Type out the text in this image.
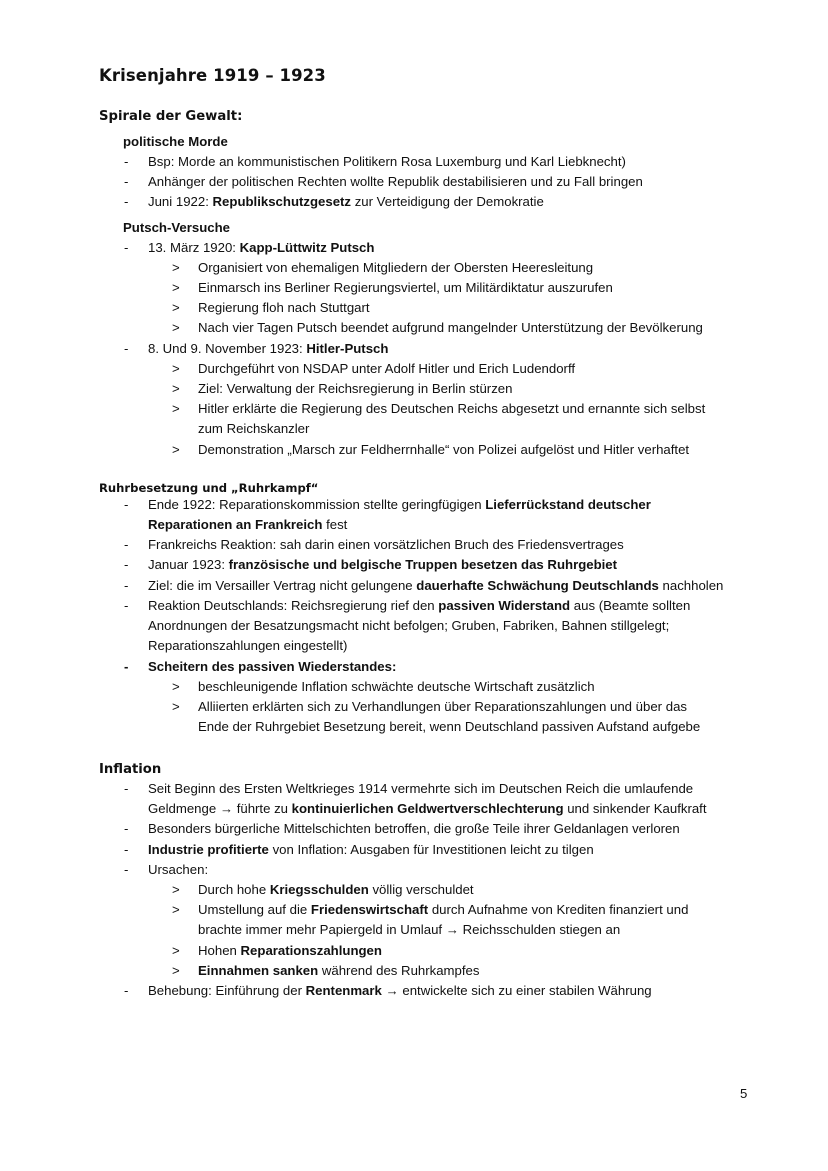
Krisenjahre 1919 – 1923
Spirale der Gewalt:
politische Morde
- Bsp: Morde an kommunistischen Politikern Rosa Luxemburg und Karl Liebknecht)
- Anhänger der politischen Rechten wollte Republik destabilisieren und zu Fall bringen
- Juni 1922: Republikschutzgesetz zur Verteidigung der Demokratie
Putsch-Versuche
- 13. März 1920: Kapp-Lüttwitz Putsch
> Organisiert von ehemaligen Mitgliedern der Obersten Heeresleitung
> Einmarsch ins Berliner Regierungsviertel, um Militärdiktatur auszurufen
> Regierung floh nach Stuttgart
> Nach vier Tagen Putsch beendet aufgrund mangelnder Unterstützung der Bevölkerung
- 8. Und 9. November 1923: Hitler-Putsch
> Durchgeführt von NSDAP unter Adolf Hitler und Erich Ludendorff
> Ziel: Verwaltung der Reichsregierung in Berlin stürzen
> Hitler erklärte die Regierung des Deutschen Reichs abgesetzt und ernannte sich selbst
zum Reichskanzler
> Demonstration „Marsch zur Feldherrnhalle“ von Polizei aufgelöst und Hitler verhaftet
Ruhrbesetzung und „Ruhrkampf“
- Ende 1922: Reparationskommission stellte geringfügigen Lieferrückstand deutscher
Reparationen an Frankreich fest
- Frankreichs Reaktion: sah darin einen vorsätzlichen Bruch des Friedensvertrages
- Januar 1923: französische und belgische Truppen besetzen das Ruhrgebiet
- Ziel: die im Versailler Vertrag nicht gelungene dauerhafte Schwächung Deutschlands nachholen
- Reaktion Deutschlands: Reichsregierung rief den passiven Widerstand aus (Beamte sollten
Anordnungen der Besatzungsmacht nicht befolgen; Gruben, Fabriken, Bahnen stillgelegt;
Reparationszahlungen eingestellt)
- Scheitern des passiven Wiederstandes:
> beschleunigende Inflation schwächte deutsche Wirtschaft zusätzlich
> Alliierten erklärten sich zu Verhandlungen über Reparationszahlungen und über das
Ende der Ruhrgebiet Besetzung bereit, wenn Deutschland passiven Aufstand aufgebe
Inflation
- Seit Beginn des Ersten Weltkrieges 1914 vermehrte sich im Deutschen Reich die umlaufende
Geldmenge → führte zu kontinuierlichen Geldwertverschlechterung und sinkender Kaufkraft
- Besonders bürgerliche Mittelschichten betroffen, die große Teile ihrer Geldanlagen verloren
- Industrie profitierte von Inflation: Ausgaben für Investitionen leicht zu tilgen
- Ursachen:
> Durch hohe Kriegsschulden völlig verschuldet
> Umstellung auf die Friedenswirtschaft durch Aufnahme von Krediten finanziert und
brachte immer mehr Papiergeld in Umlauf → Reichsschulden stiegen an
> Hohen Reparationszahlungen
> Einnahmen sanken während des Ruhrkampfes
- Behebung: Einführung der Rentenmark → entwickelte sich zu einer stabilen Währung
5
